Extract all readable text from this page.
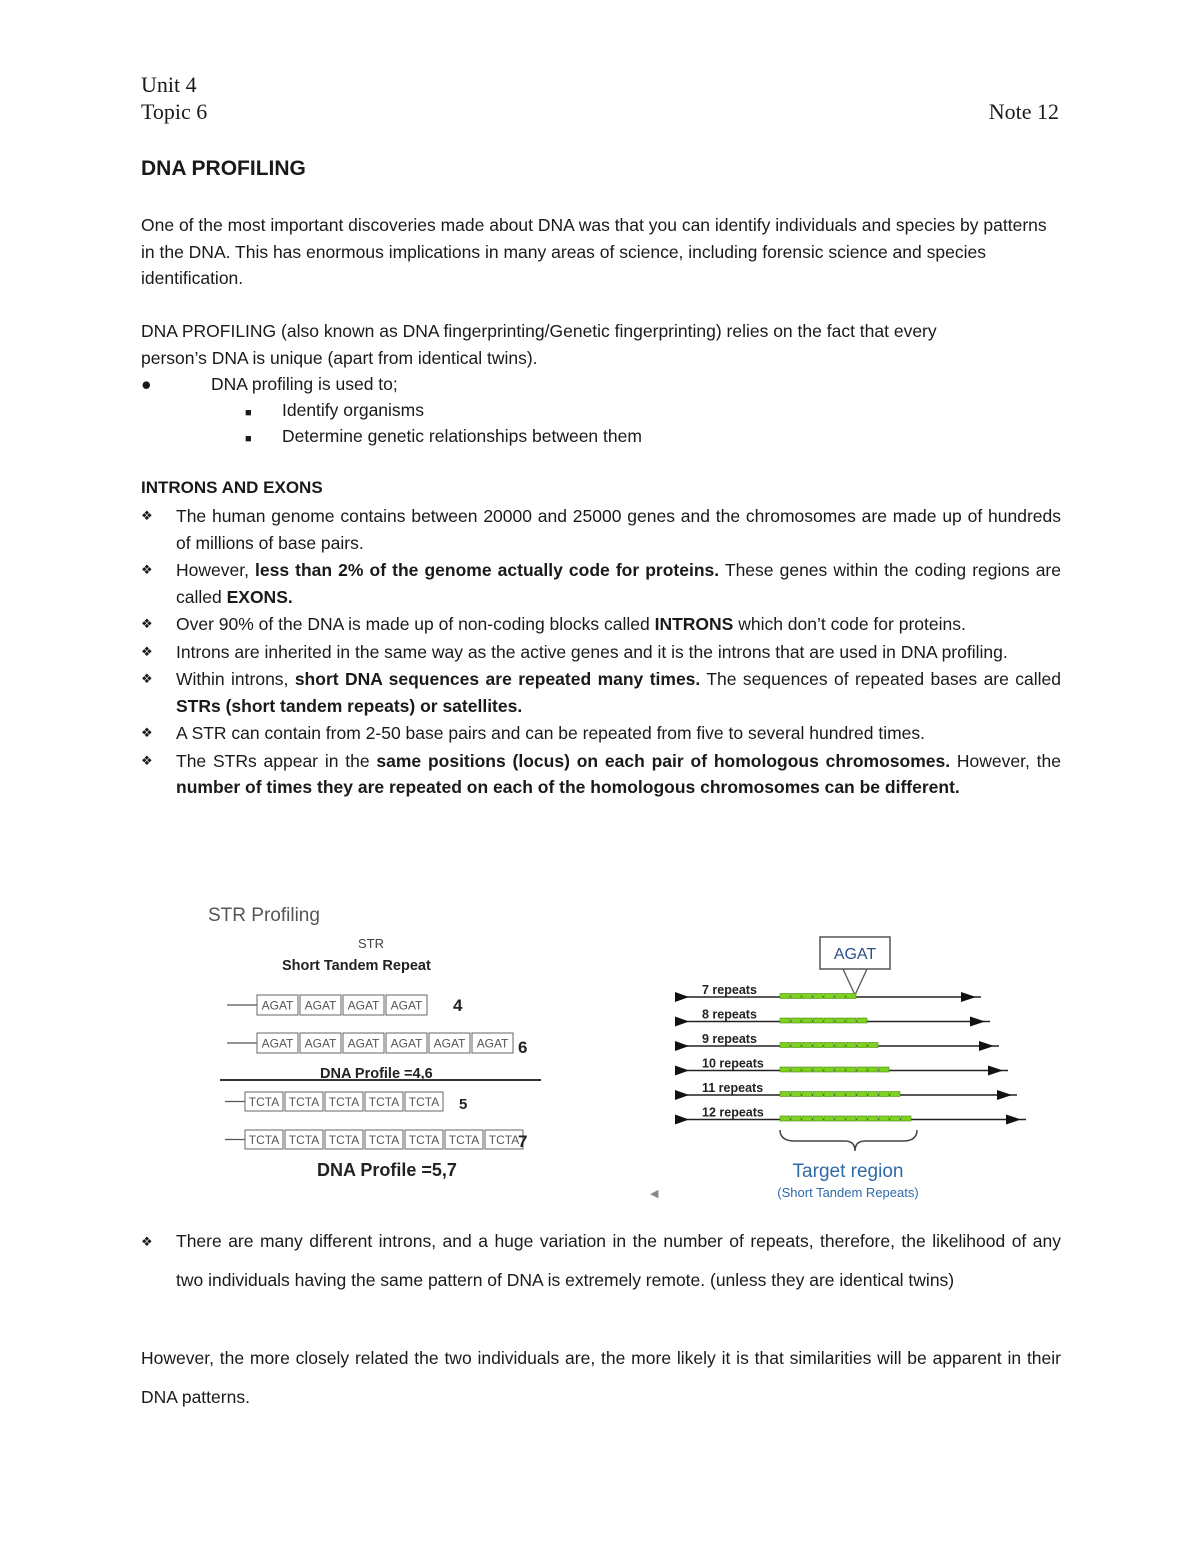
Unit 4
Topic 6	Note 12
DNA PROFILING
One of the most important discoveries made about DNA was that you can identify individuals and species by patterns in the DNA. This has enormous implications in many areas of science, including forensic science and species identification.
DNA PROFILING (also known as DNA fingerprinting/Genetic fingerprinting) relies on the fact that every
person’s DNA is unique (apart from identical twins).
●	DNA profiling is used to;
■ Identify organisms
■ Determine genetic relationships between them
INTRONS AND EXONS
❖ The human genome contains between 20000 and 25000 genes and the chromosomes are made up of hundreds of millions of base pairs.
❖ However, less than 2% of the genome actually code for proteins. These genes within the coding regions are called EXONS.
❖ Over 90% of the DNA is made up of non-coding blocks called INTRONS which don’t code for proteins.
❖ Introns are inherited in the same way as the active genes and it is the introns that are used in DNA profiling.
❖ Within introns, short DNA sequences are repeated many times. The sequences of repeated bases are called STRs (short tandem repeats) or satellites.
❖ A STR can contain from 2-50 base pairs and can be repeated from five to several hundred times.
❖ The STRs appear in the same positions (locus) on each pair of homologous chromosomes. However, the number of times they are repeated on each of the homologous chromosomes can be different.
STR Profiling
STR
Short Tandem Repeat
AGAT AGAT AGAT AGAT 4
AGAT AGAT AGAT AGAT AGAT AGAT 6
DNA Profile =4,6
TCTA TCTA TCTA TCTA TCTA 5
TCTA TCTA TCTA TCTA TCTA TCTA TCTA
7
DNA Profile =5,7
AGAT
7 repeats
8 repeats
9 repeats
10 repeats
11 repeats
12 repeats
Target region
(Short Tandem Repeats)
◀
❖ There are many different introns, and a huge variation in the number of repeats, therefore, the likelihood of any two individuals having the same pattern of DNA is extremely remote. (unless they are identical twins)
However, the more closely related the two individuals are, the more likely it is that similarities will be apparent in their DNA patterns.
